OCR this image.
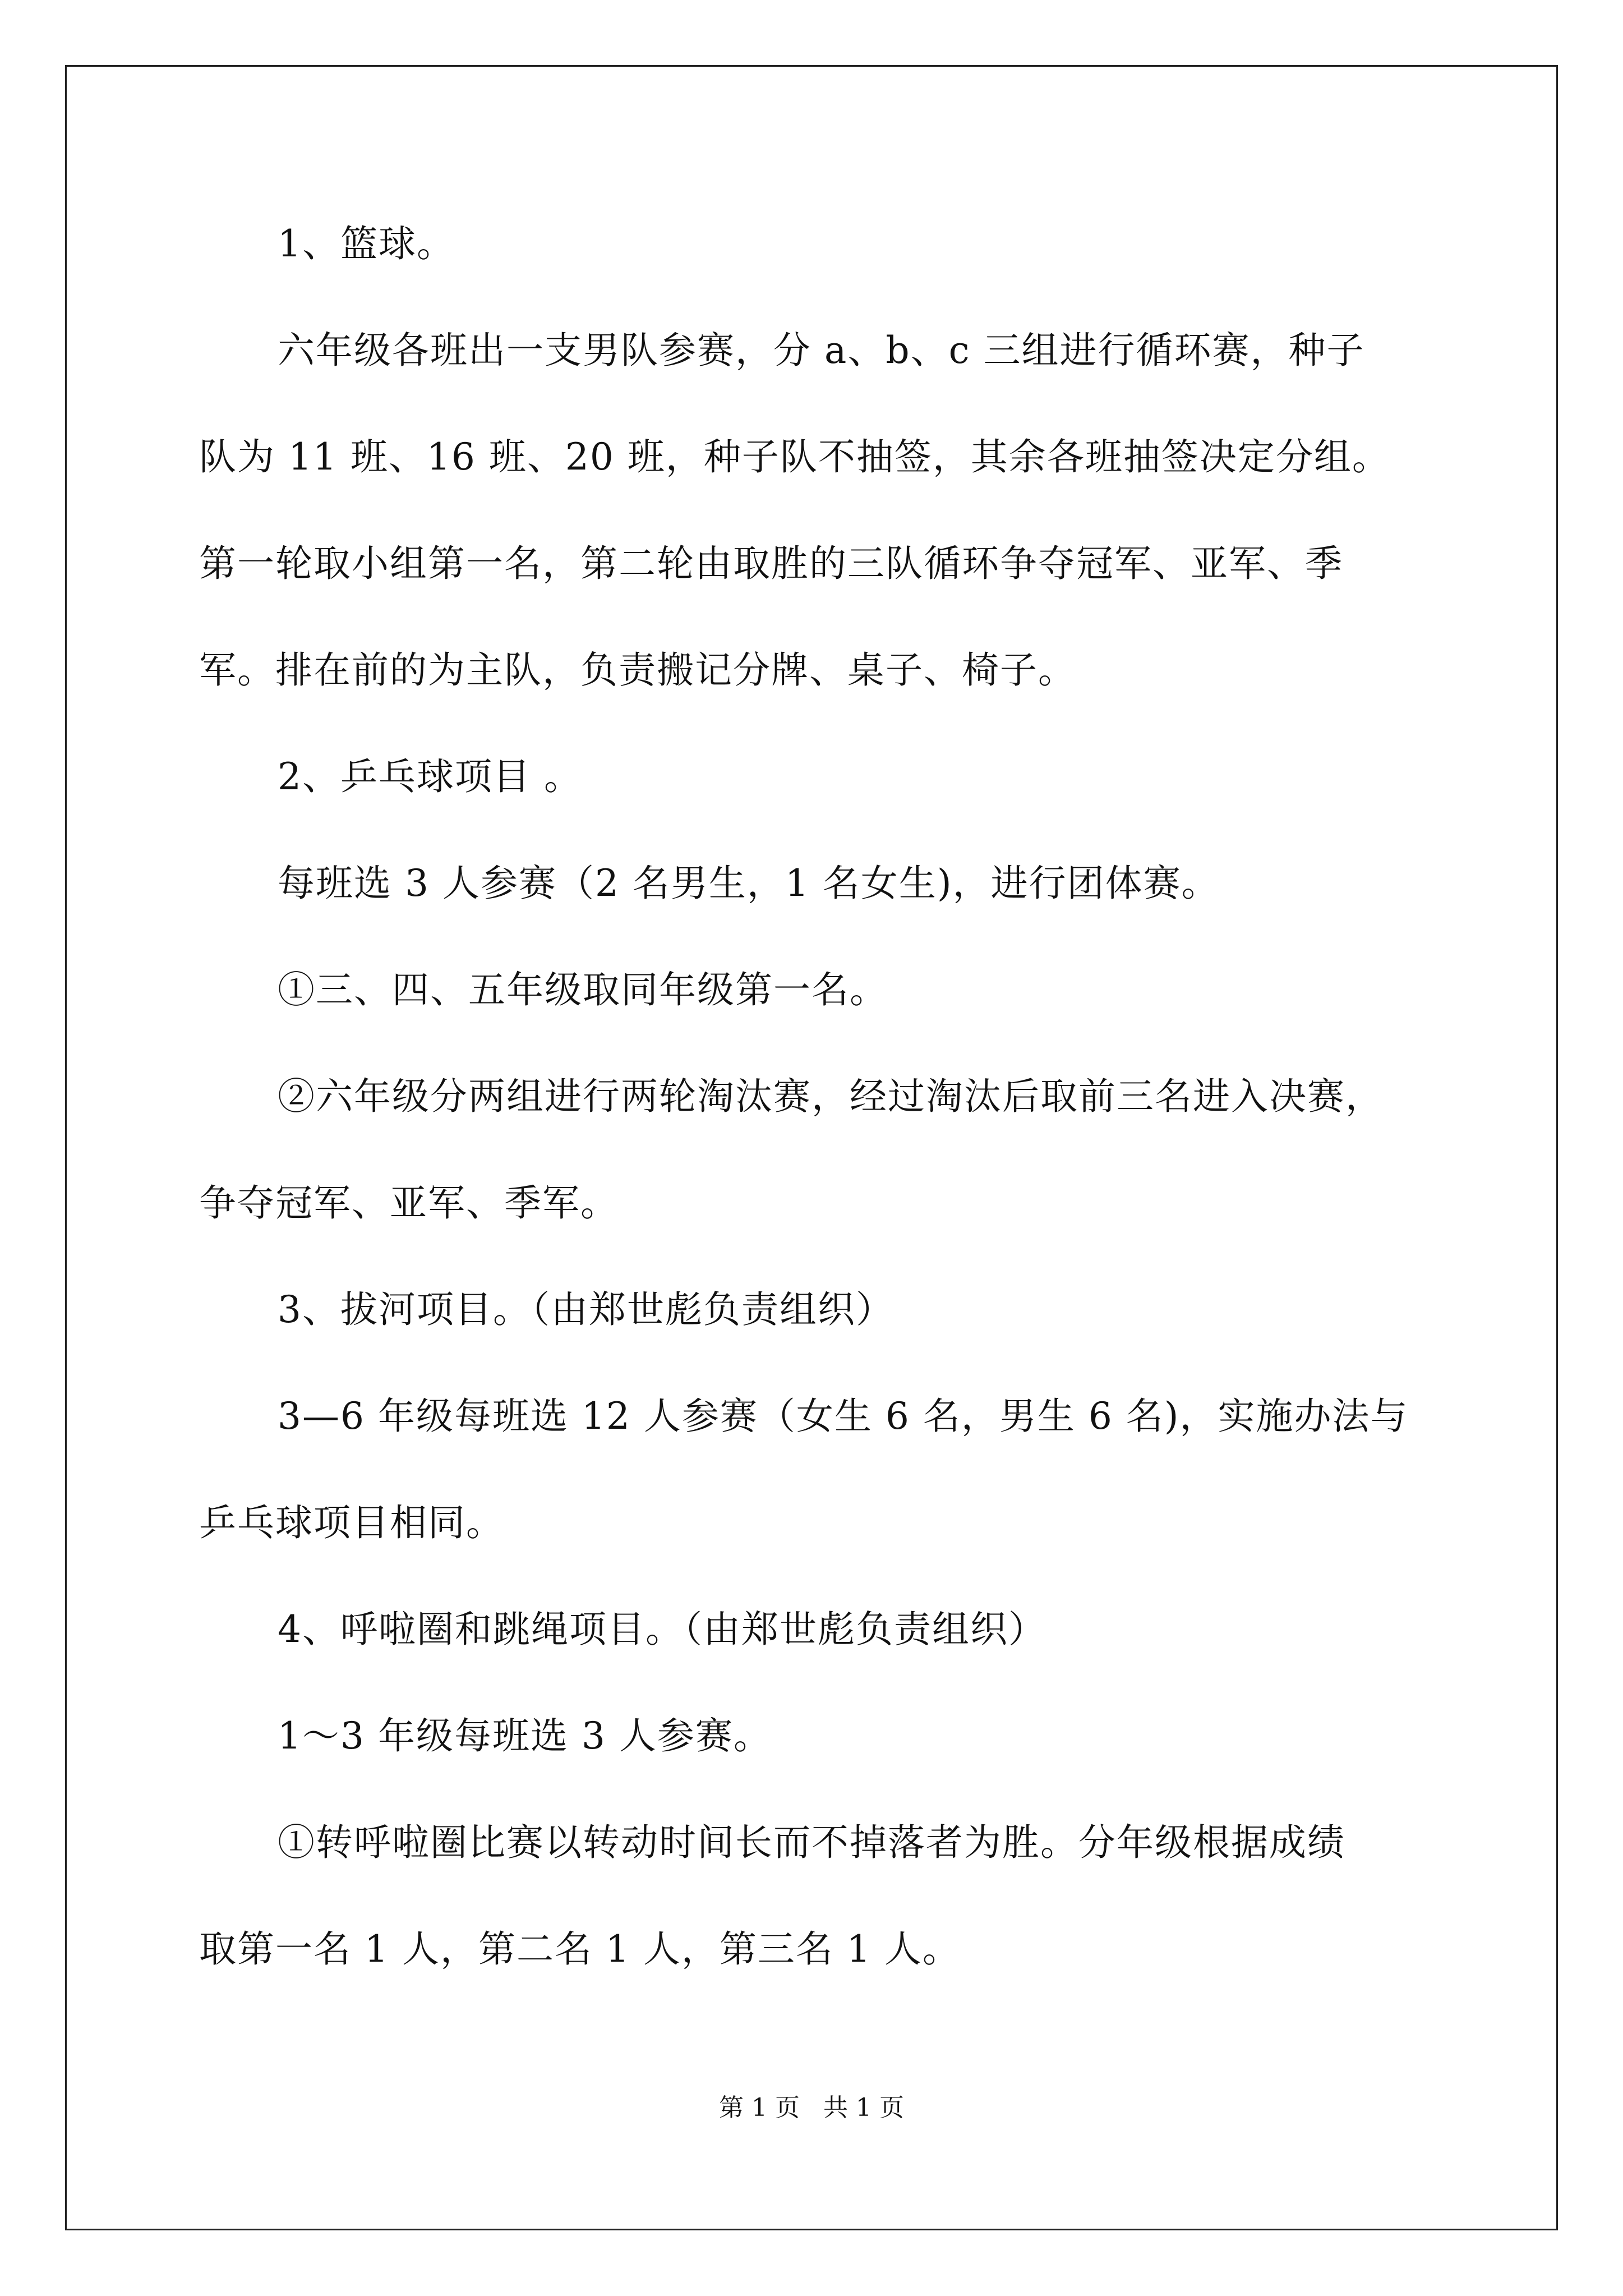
1、篮球。
六年级各班出一支男队参赛，分 a、b、c 三组进行循环赛，种子
队为 11 班、16 班、20 班，种子队不抽签，其余各班抽签决定分组。
第一轮取小组第一名，第二轮由取胜的三队循环争夺冠军、亚军、季
军。排在前的为主队，负责搬记分牌、桌子、椅子。
2、乒乓球项目 。
每班选 3 人参赛（2 名男生，1 名女生)，进行团体赛。
①三、四、五年级取同年级第一名。
②六年级分两组进行两轮淘汰赛，经过淘汰后取前三名进入决赛，
争夺冠军、亚军、季军。
3、拔河项目。（由郑世彪负责组织）
3—6 年级每班选 12 人参赛（女生 6 名，男生 6 名)，实施办法与
乒乓球项目相同。
4、呼啦圈和跳绳项目。（由郑世彪负责组织）
1～3 年级每班选 3 人参赛。
①转呼啦圈比赛以转动时间长而不掉落者为胜。分年级根据成绩
取第一名 1 人，第二名 1 人，第三名 1 人。
第 1 页   共 1 页
